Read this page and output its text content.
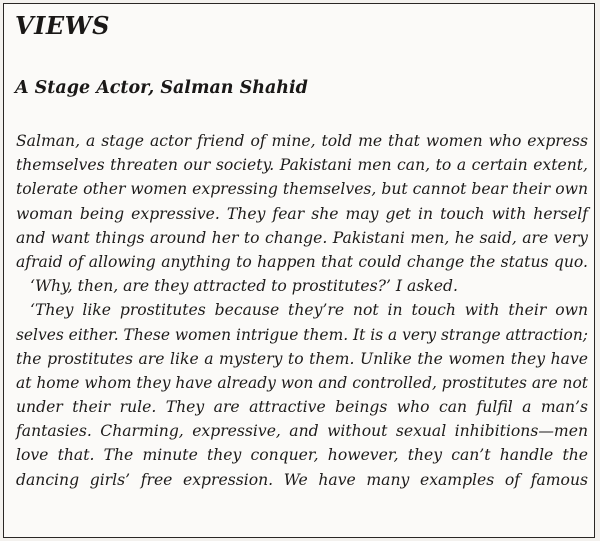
VIEWS
A Stage Actor, Salman Shahid

Salman, a stage actor friend of mine, told me that women who express
themselves threaten our society. Pakistani men can, to a certain extent,
tolerate other women expressing themselves, but cannot bear their own
woman being expressive. They fear she may get in touch with herself
and want things around her to change. Pakistani men, he said, are very
afraid of allowing anything to happen that could change the status quo.

‘Why, then, are they attracted to prostitutes?’ I asked.

‘They like prostitutes because they’re not in touch with their own
selves either. These women intrigue them. It is a very strange attraction;
the prostitutes are like a mystery to them. Unlike the women they have
at home whom they have already won and controlled, prostitutes are not
under their rule. They are attractive beings who can fulfil a man’s
fantasies. Charming, expressive, and without sexual inhibitions—men
love that. The minute they conquer, however, they can’t handle the
dancing girls’ free expression. We have many examples of famous
